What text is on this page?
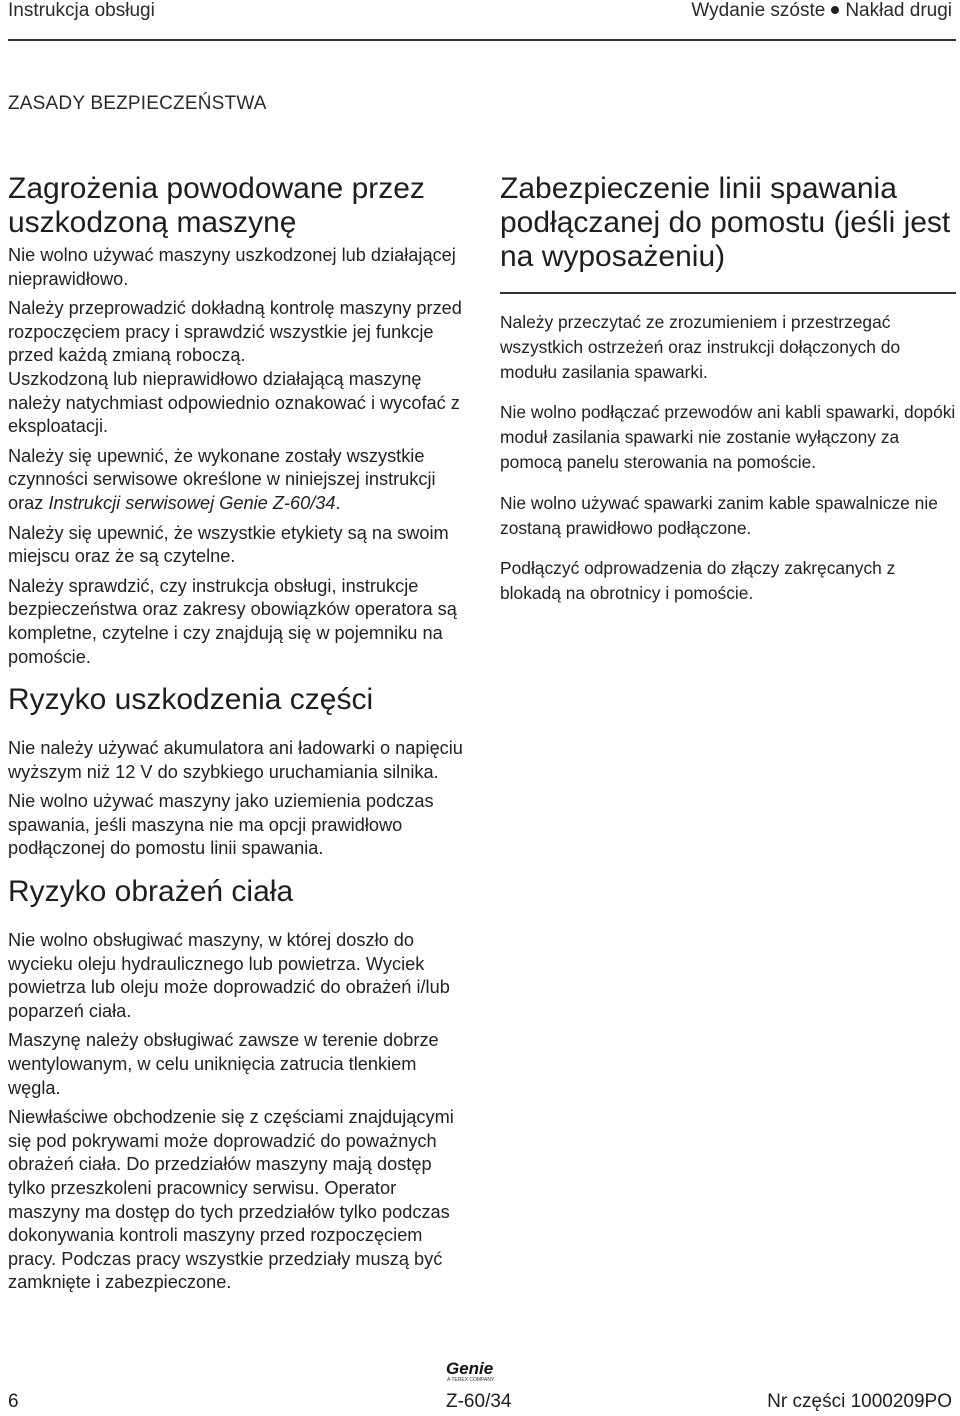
Instrukcja obsługi	Wydanie szóste Nakład drugi
ZASADY BEZPIECZEŃSTWA
Zagrożenia powodowane przez uszkodzoną maszynę

Nie wolno używać maszyny uszkodzonej lub działającej nieprawidłowo.

Należy przeprowadzić dokładną kontrolę maszyny przed rozpoczęciem pracy i sprawdzić wszystkie jej funkcje przed każdą zmianą roboczą.

Uszkodzoną lub nieprawidłowo działającą maszynę należy natychmiast odpowiednio oznakować i wycofać z eksploatacji.

Należy się upewnić, że wykonane zostały wszystkie czynności serwisowe określone w niniejszej instrukcji oraz Instrukcji serwisowej Genie Z-60/34.

Należy się upewnić, że wszystkie etykiety są na swoim miejscu oraz że są czytelne.

Należy sprawdzić, czy instrukcja obsługi, instrukcje bezpieczeństwa oraz zakresy obowiązków operatora są kompletne, czytelne i czy znajdują się w pojemniku na pomoście.

Ryzyko uszkodzenia części

Nie należy używać akumulatora ani ładowarki o napięciu wyższym niż 12 V do szybkiego uruchamiania silnika.

Nie wolno używać maszyny jako uziemienia podczas spawania, jeśli maszyna nie ma opcji prawidłowo podłączonej do pomostu linii spawania.

Ryzyko obrażeń ciała

Nie wolno obsługiwać maszyny, w której doszło do wycieku oleju hydraulicznego lub powietrza. Wyciek powietrza lub oleju może doprowadzić do obrażeń i/lub poparzeń ciała.

Maszynę należy obsługiwać zawsze w terenie dobrze wentylowanym, w celu uniknięcia zatrucia tlenkiem węgla.

Niewłaściwe obchodzenie się z częściami znajdującymi się pod pokrywami może doprowadzić do poważnych obrażeń ciała. Do przedziałów maszyny mają dostęp tylko przeszkoleni pracownicy serwisu. Operator maszyny ma dostęp do tych przedziałów tylko podczas dokonywania kontroli maszyny przed rozpoczęciem pracy. Podczas pracy wszystkie przedziały muszą być zamknięte i zabezpieczone.

Zabezpieczenie linii spawania podłączanej do pomostu (jeśli jest na wyposażeniu)

Należy przeczytać ze zrozumieniem i przestrzegać wszystkich ostrzeżeń oraz instrukcji dołączonych do modułu zasilania spawarki.

Nie wolno podłączać przewodów ani kabli spawarki, dopóki moduł zasilania spawarki nie zostanie wyłączony za pomocą panelu sterowania na pomoście.

Nie wolno używać spawarki zanim kable spawalnicze nie zostaną prawidłowo podłączone.

Podłączyć odprowadzenia do złączy zakręcanych z blokadą na obrotnicy i pomoście.

Genie
A TEREX COMPANY
6	Z-60/34	Nr części 1000209PO
